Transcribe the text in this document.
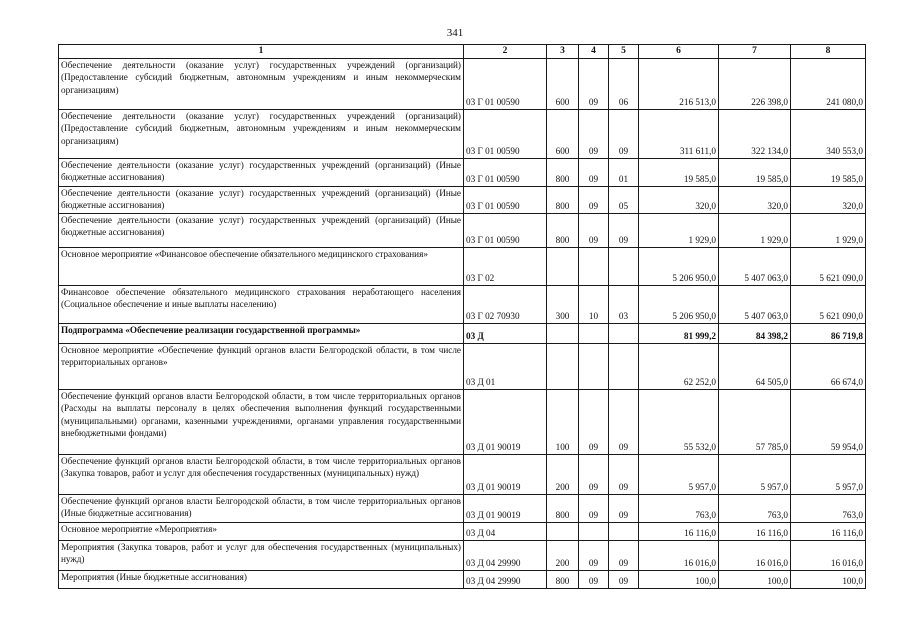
341
1	2	3	4	5	6	7	8
Обеспечение деятельности (оказание услуг) государственных учреждений (организаций) (Предоставление субсидий бюджетным, автономным учреждениям и иным некоммерческим организациям)	03 Г 01 00590	600	09	06	216 513,0	226 398,0	241 080,0
Обеспечение деятельности (оказание услуг) государственных учреждений (организаций) (Предоставление субсидий бюджетным, автономным учреждениям и иным некоммерческим организациям)	03 Г 01 00590	600	09	09	311 611,0	322 134,0	340 553,0
Обеспечение деятельности (оказание услуг) государственных учреждений (организаций) (Иные бюджетные ассигнования)	03 Г 01 00590	800	09	01	19 585,0	19 585,0	19 585,0
Обеспечение деятельности (оказание услуг) государственных учреждений (организаций) (Иные бюджетные ассигнования)	03 Г 01 00590	800	09	05	320,0	320,0	320,0
Обеспечение деятельности (оказание услуг) государственных учреждений (организаций) (Иные бюджетные ассигнования)	03 Г 01 00590	800	09	09	1 929,0	1 929,0	1 929,0
Основное мероприятие «Финансовое обеспечение обязательного медицинского страхования»	03 Г 02				5 206 950,0	5 407 063,0	5 621 090,0
Финансовое обеспечение обязательного медицинского страхования неработающего населения (Социальное обеспечение и иные выплаты населению)	03 Г 02 70930	300	10	03	5 206 950,0	5 407 063,0	5 621 090,0
Подпрограмма «Обеспечение реализации государственной программы»	03 Д				81 999,2	84 398,2	86 719,8
Основное мероприятие «Обеспечение функций органов власти Белгородской области, в том числе территориальных органов»	03 Д 01				62 252,0	64 505,0	66 674,0
Обеспечение функций органов власти Белгородской области, в том числе территориальных органов (Расходы на выплаты персоналу в целях обеспечения выполнения функций государственными (муниципальными) органами, казенными учреждениями, органами управления государственными внебюджетными фондами)	03 Д 01 90019	100	09	09	55 532,0	57 785,0	59 954,0
Обеспечение функций органов власти Белгородской области, в том числе территориальных органов (Закупка товаров, работ и услуг для обеспечения государственных (муниципальных) нужд)	03 Д 01 90019	200	09	09	5 957,0	5 957,0	5 957,0
Обеспечение функций органов власти Белгородской области, в том числе территориальных органов (Иные бюджетные ассигнования)	03 Д 01 90019	800	09	09	763,0	763,0	763,0
Основное мероприятие «Мероприятия»	03 Д 04				16 116,0	16 116,0	16 116,0
Мероприятия (Закупка товаров, работ и услуг для обеспечения государственных (муниципальных) нужд)	03 Д 04 29990	200	09	09	16 016,0	16 016,0	16 016,0
Мероприятия (Иные бюджетные ассигнования)	03 Д 04 29990	800	09	09	100,0	100,0	100,0
